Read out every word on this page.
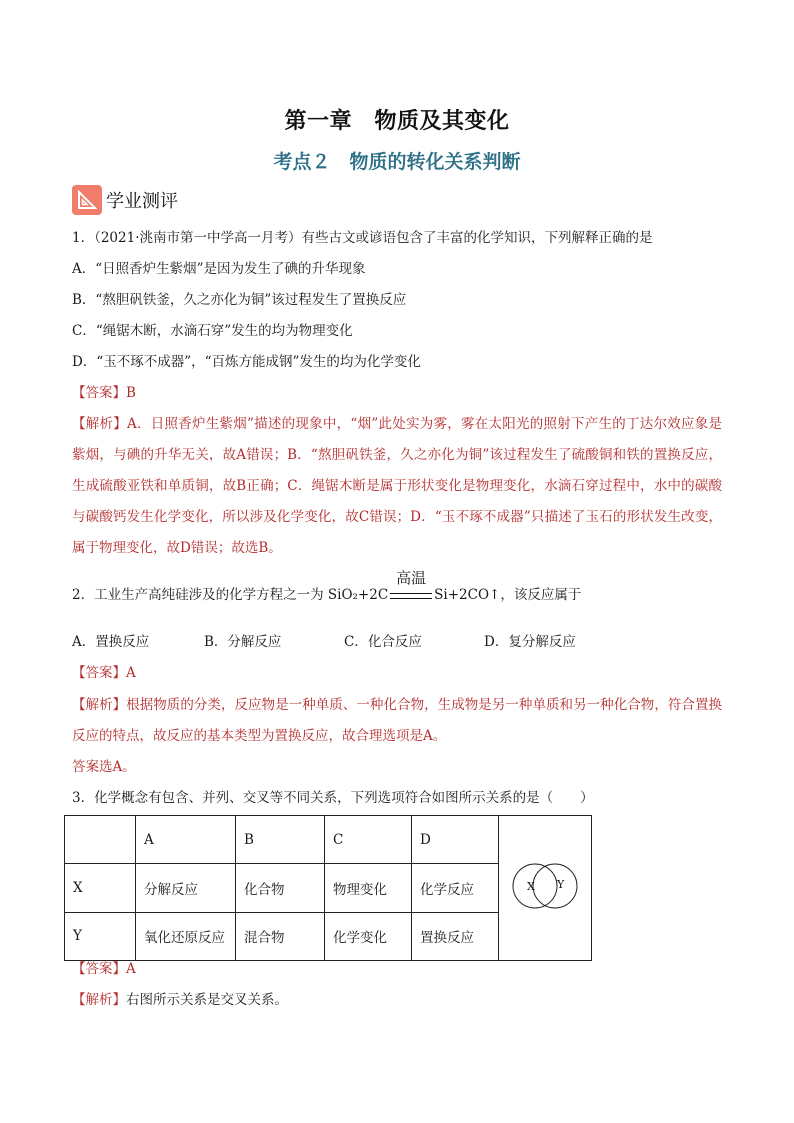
第一章　物质及其变化
考点２　物质的转化关系判断
学业测评
1．（2021·洮南市第一中学高一月考）有些古文或谚语包含了丰富的化学知识，下列解释正确的是
A．“日照香炉生紫烟”是因为发生了碘的升华现象
B．“熬胆矾铁釜，久之亦化为铜”该过程发生了置换反应
C．“绳锯木断，水滴石穿”发生的均为物理变化
D．“玉不琢不成器”，“百炼方能成钢”发生的均为化学变化
【答案】B
【解析】A．日照香炉生紫烟”描述的现象中，“烟”此处实为雾，雾在太阳光的照射下产生的丁达尔效应象是紫烟，与碘的升华无关，故A错误；B．“熬胆矾铁釜，久之亦化为铜”该过程发生了硫酸铜和铁的置换反应，生成硫酸亚铁和单质铜，故B正确；C．绳锯木断是属于形状变化是物理变化，水滴石穿过程中，水中的碳酸与碳酸钙发生化学变化，所以涉及化学变化，故C错误；D．“玉不琢不成器”只描述了玉石的形状发生改变，属于物理变化，故D错误；故选B。
2．工业生产高纯硅涉及的化学方程之一为 SiO₂+2C
高温
Si+2CO↑，该反应属于
A．置换反应	B．分解反应	C．化合反应	D．复分解反应
【答案】A
【解析】根据物质的分类，反应物是一种单质、一种化合物，生成物是另一种单质和另一种化合物，符合置换反应的特点，故反应的基本类型为置换反应，故合理选项是A。
答案选A。
3．化学概念有包含、并列、交叉等不同关系，下列选项符合如图所示关系的是（　　）
	A	B	C	D	X Y

X	分解反应	化合物	物理变化	化学反应	
Y	氧化还原反应	混合物	化学变化	置换反应	
【答案】A
【解析】右图所示关系是交叉关系。
